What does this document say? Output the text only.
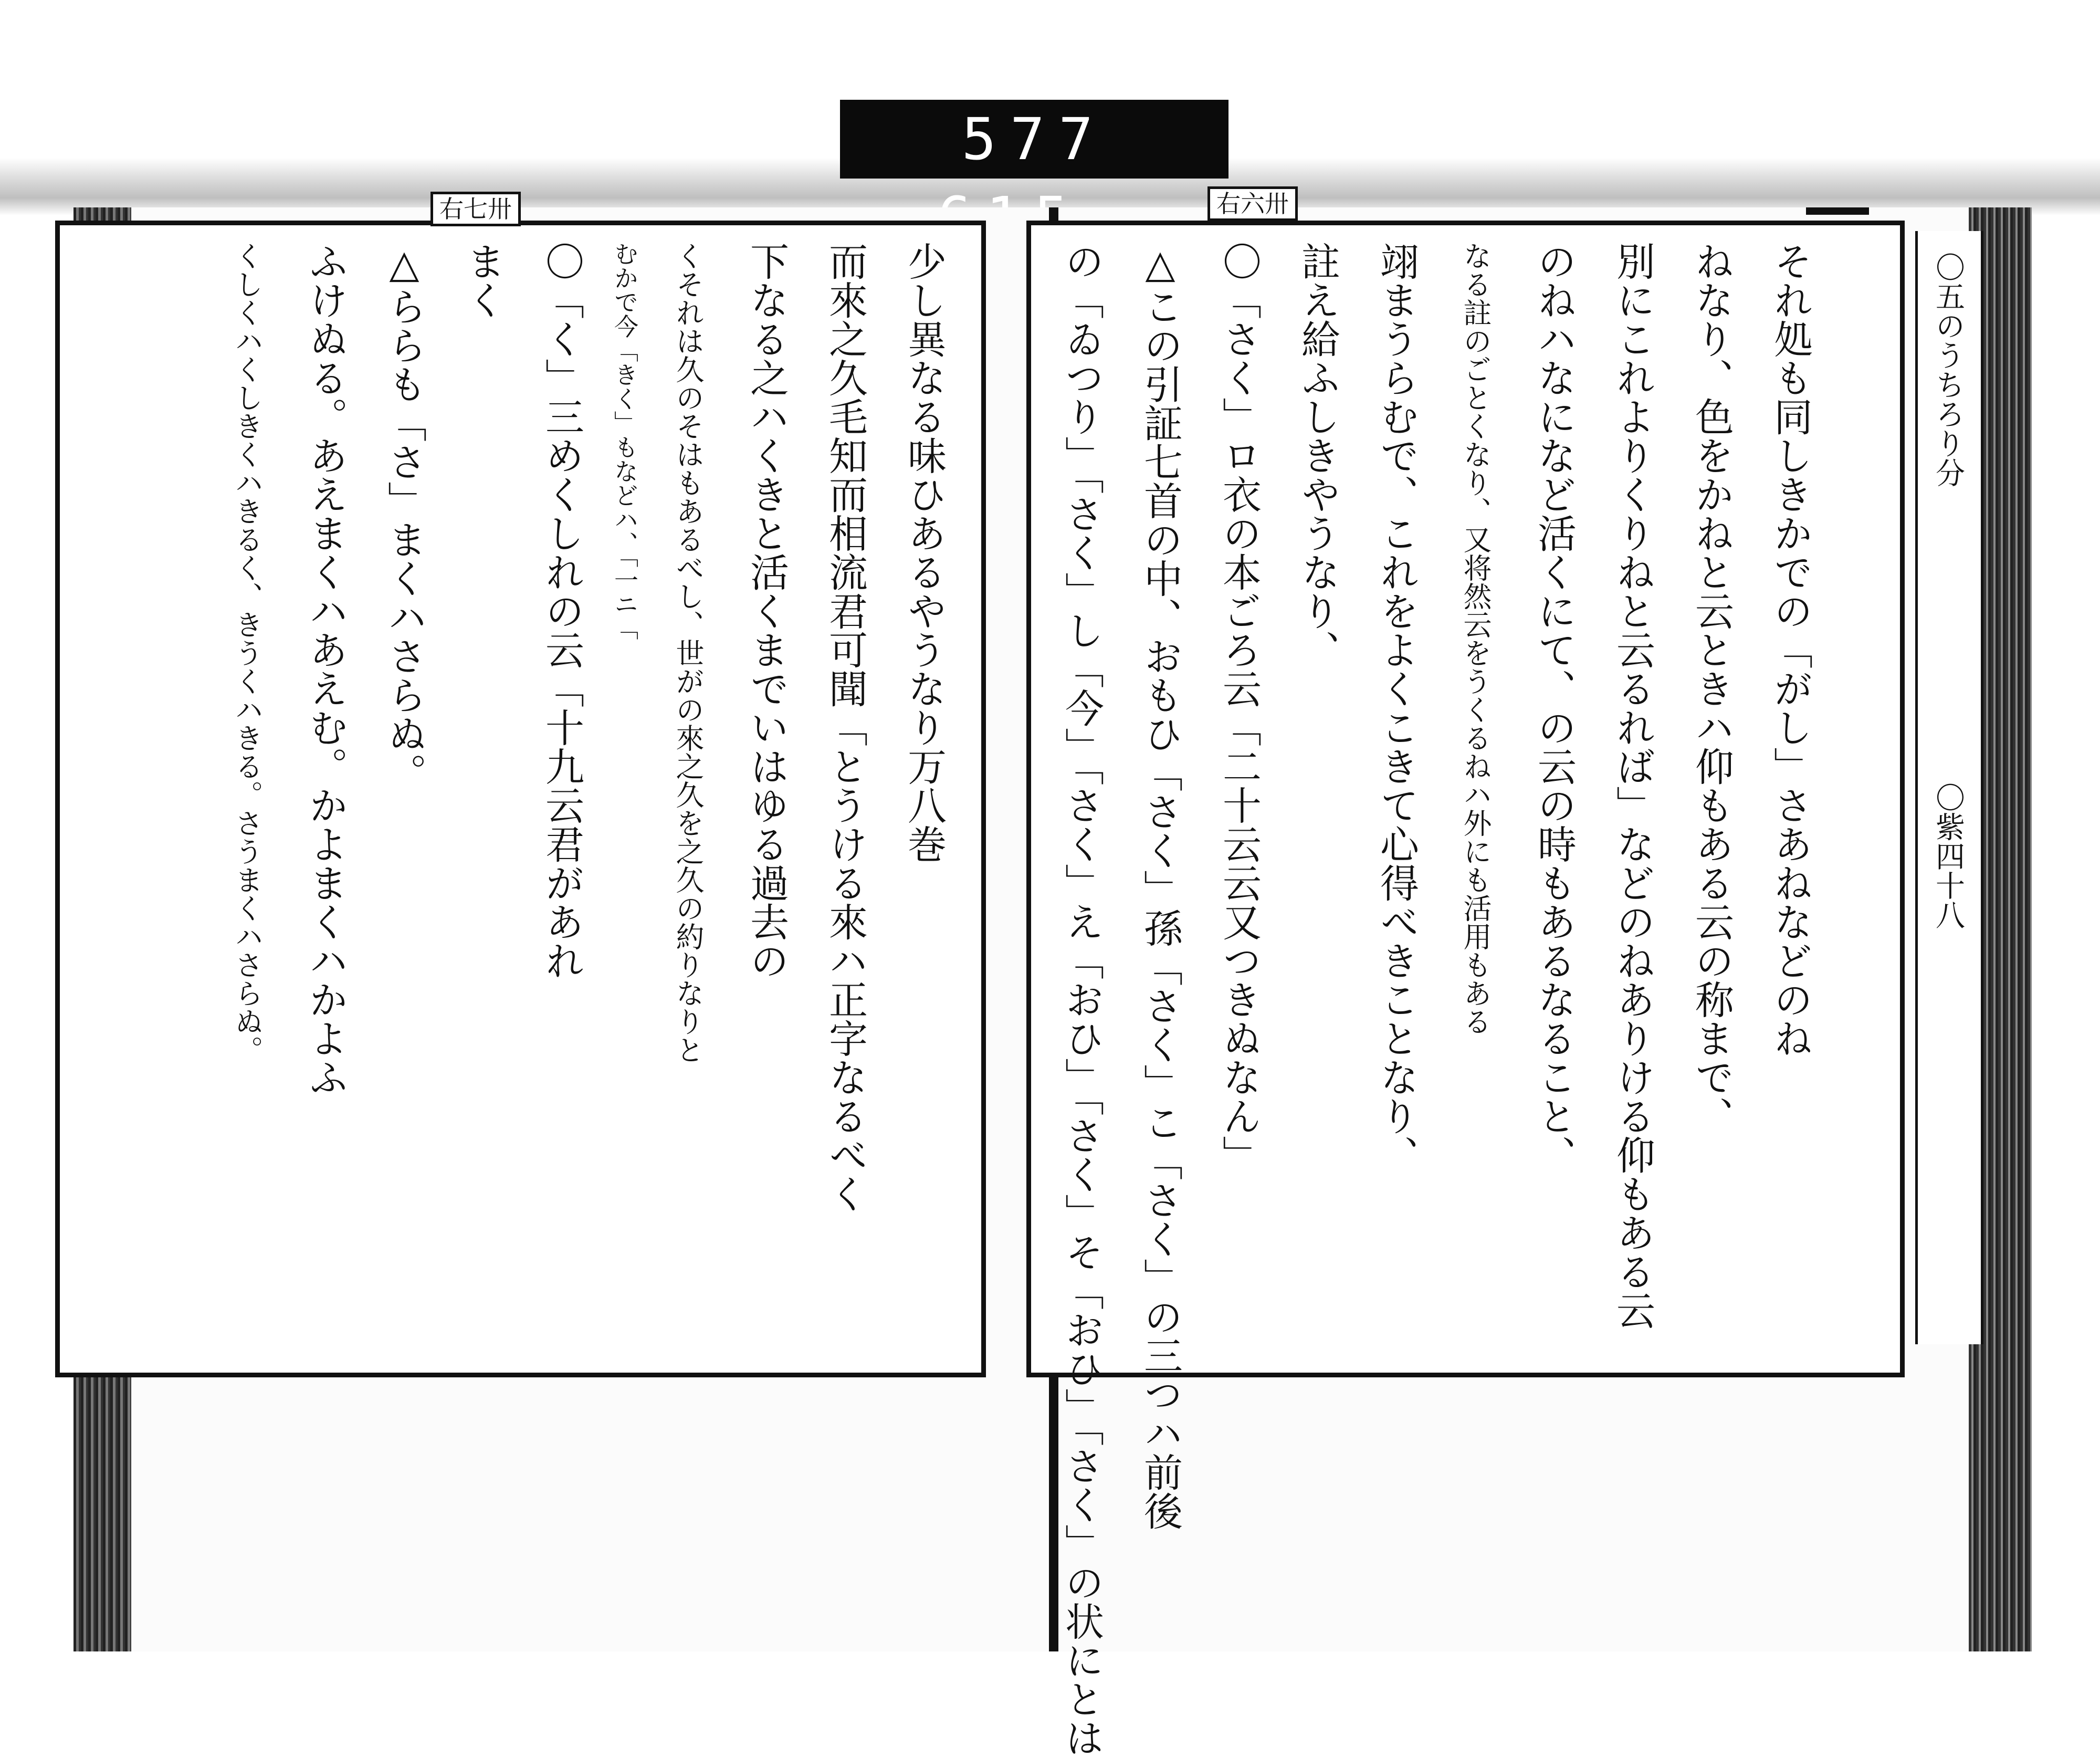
577
右七卅
少し異なる味ひあるやうなり万八巻
而來之久毛知而相流君可聞「とうける來ハ正字なるべく
下なる之ハくきと活くまでいはゆる過去の
くそれは久のそはもあるべし、世がの來之久を之久の約りなりと
むかで今「きく」もなどハ、「一ニ「
〇「く」三めくしれの云「十九云君があれ
まく
△ららも「さ」まくハさらぬ。
ふけぬる。あえまくハあえむ。かよまくハかよふ
くしくハくしきくハきるく、きうくハきる。さうまくハさらぬ。
右六卅
それ処も同しきかでの「がし」さあねなどのね
ねなり、色をかねと云ときハ仰もある云の称まで、
別にこれよりくりねと云るれば」などのねありける仰もある云
のねハなになど活くにて、の云の時もあるなること、
なる註のごとくなり、又将然云をうくるねハ外にも活用もある
翊まうらむで、これをよくこきて心得べきことなり、
註え給ふしきやうなり、
〇「さく」ロ衣の本ごろ云「二十云云又つきぬなん」
△この引証七首の中、おもひ「さく」孫「さく」こ「さく」の三つハ前後
の「ゐつり」「さく」し「今」「さく」え「おひ」「さく」そ「おひ」「さく」の状にとは	〇五のうちろり分
〇紫四十八
